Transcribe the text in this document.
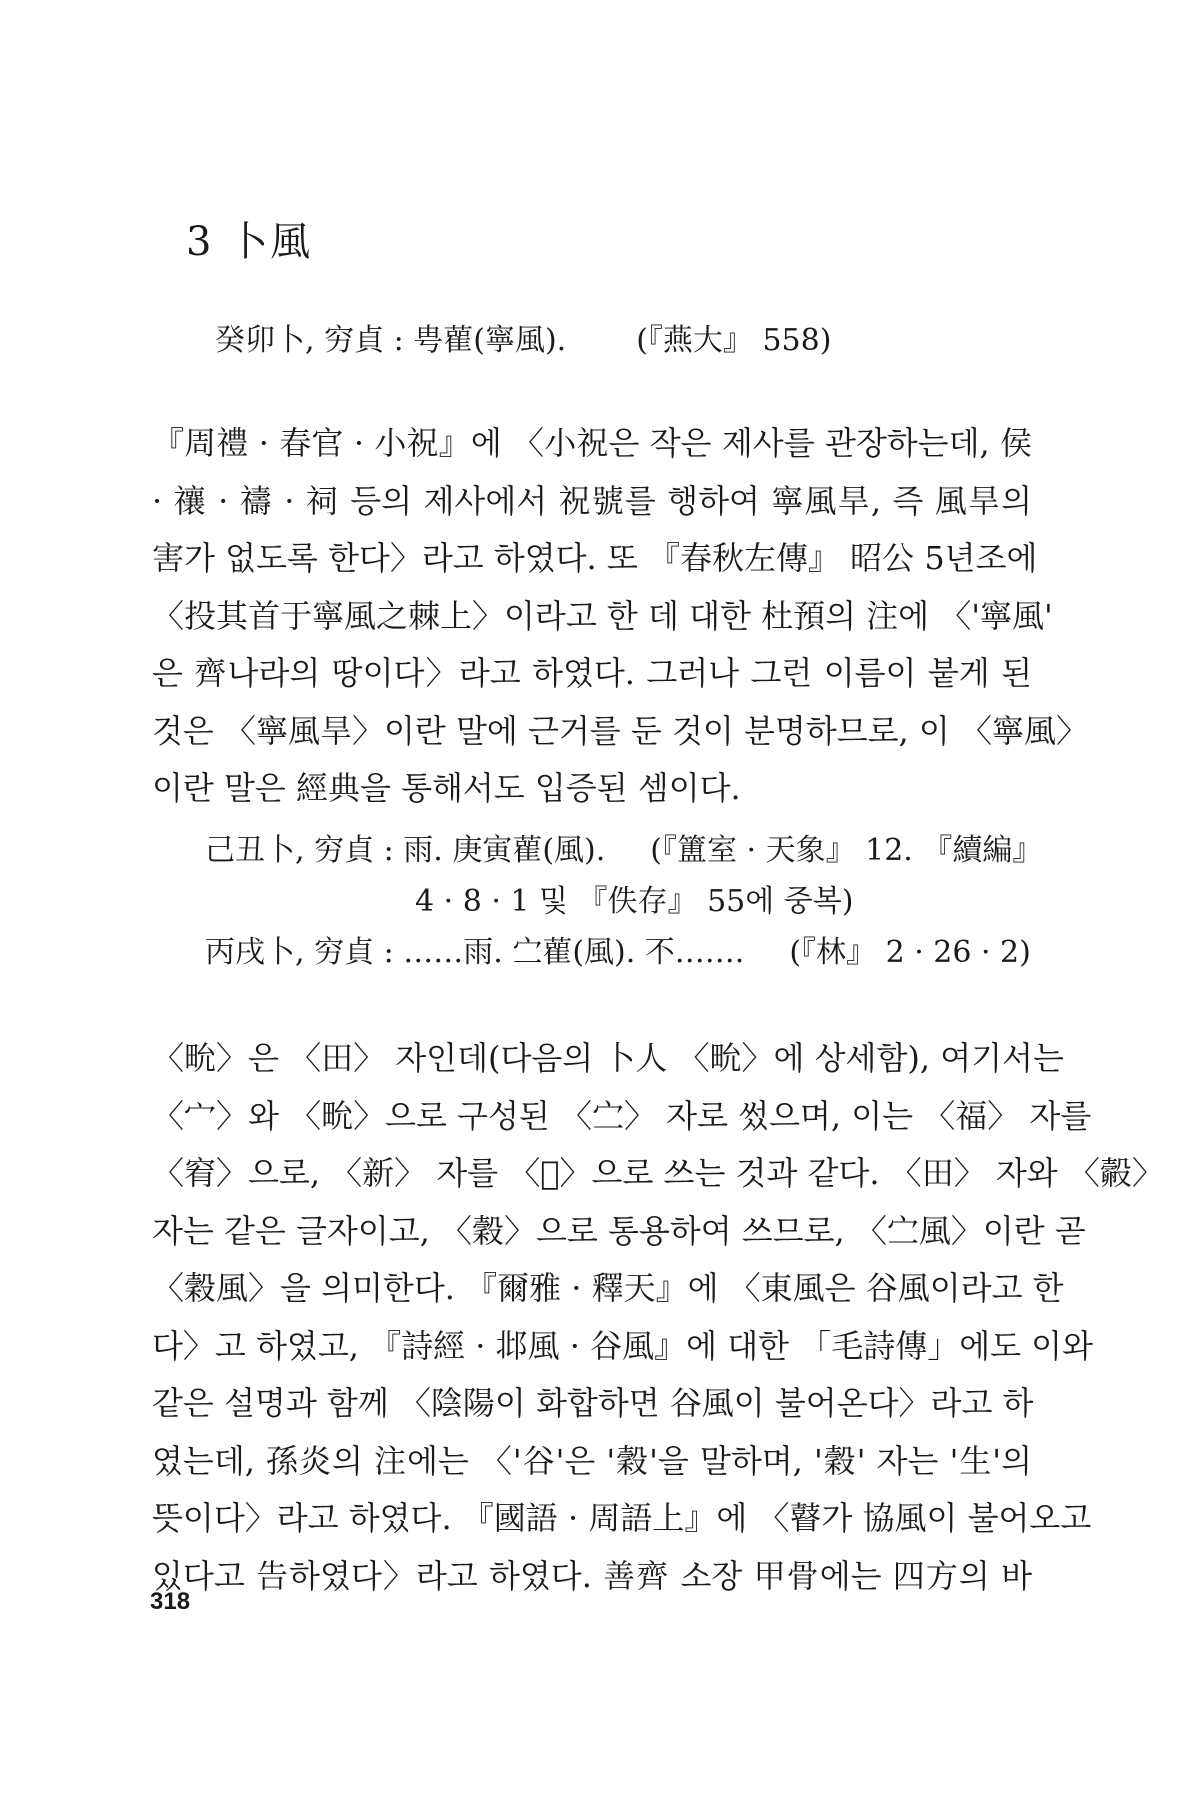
3 卜風
癸卯卜, 穷貞 : 甹雚(寧風). (『燕大』 558)
『周禮 · 春官 · 小祝』에 〈小祝은 작은 제사를 관장하는데, 侯
· 禳 · 禱 · 祠 등의 제사에서 祝號를 행하여 寧風旱, 즉 風旱의
害가 없도록 한다〉라고 하였다. 또 『春秋左傳』 昭公 5년조에
〈投其首于寧風之棘上〉이라고 한 데 대한 杜預의 注에 〈'寧風'
은 齊나라의 땅이다〉라고 하였다. 그러나 그런 이름이 붙게 된
것은 〈寧風旱〉이란 말에 근거를 둔 것이 분명하므로, 이 〈寧風〉
이란 말은 經典을 통해서도 입증된 셈이다.
己丑卜, 穷貞 : 雨. 庚寅雚(風). (『簠室 · 天象』 12. 『續編』
4 · 8 · 1 및 『佚存』 55에 중복)
丙戌卜, 穷貞 : ……雨. 㝉雚(風). 不……. (『林』 2 · 26 · 2)
〈㽙〉은 〈田〉 자인데(다음의 卜人 〈㽙〉에 상세함), 여기서는
〈宀〉와 〈㽙〉으로 구성된 〈㝉〉 자로 썼으며, 이는 〈福〉 자를
〈䆜〉으로, 〈新〉 자를 〈𣂐〉으로 쓰는 것과 같다. 〈田〉 자와 〈㲉〉
자는 같은 글자이고, 〈穀〉으로 통용하여 쓰므로, 〈㝉風〉이란 곧
〈穀風〉을 의미한다. 『爾雅 · 釋天』에 〈東風은 谷風이라고 한
다〉고 하였고, 『詩經 · 邶風 · 谷風』에 대한 「毛詩傳」에도 이와
같은 설명과 함께 〈陰陽이 화합하면 谷風이 불어온다〉라고 하
였는데, 孫炎의 注에는 〈'谷'은 '穀'을 말하며, '穀' 자는 '生'의
뜻이다〉라고 하였다. 『國語 · 周語上』에 〈瞽가 協風이 불어오고
있다고 告하였다〉라고 하였다. 善齊 소장 甲骨에는 四方의 바
318
